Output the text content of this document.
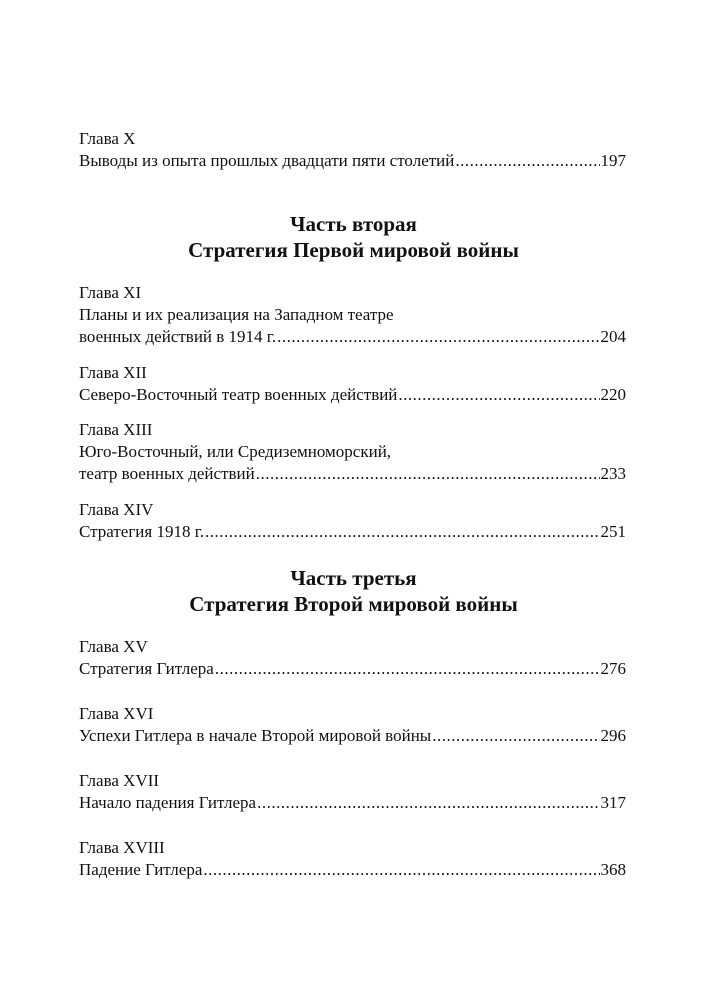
Глава X
Выводы из опыта прошлых двадцати пяти столетий .....	197
Часть вторая
Стратегия Первой мировой войны
Глава XI
Планы и их реализация на Западном театре
военных действий в 1914 г. .....	204
Глава XII
Северо-Восточный театр военных действий .....	220
Глава XIII
Юго-Восточный, или Средиземноморский,
театр военных действий .....	233
Глава XIV
Стратегия 1918 г. .....	251
Часть третья
Стратегия Второй мировой войны
Глава XV
Стратегия Гитлера .....	276
Глава XVI
Успехи Гитлера в начале Второй мировой войны .....	296
Глава XVII
Начало падения Гитлера .....	317
Глава XVIII
Падение Гитлера .....	368
